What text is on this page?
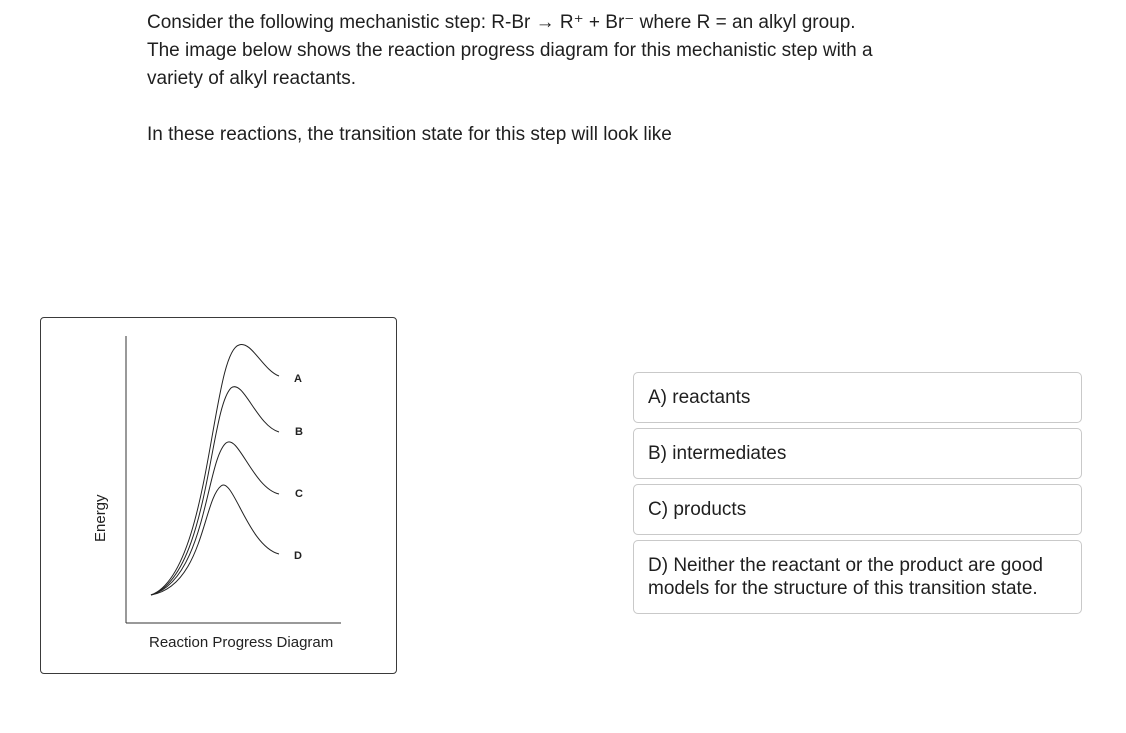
Consider the following mechanistic step: R-Br → R⁺ + Br⁻ where R = an alkyl group. The image below shows the reaction progress diagram for this mechanistic step with a variety of alkyl reactants.

In these reactions, the transition state for this step will look like

A
B
C
D
Energy
Reaction Progress Diagram
A) reactants
B) intermediates
C) products
D) Neither the reactant or the product are good models for the structure of this transition state.
